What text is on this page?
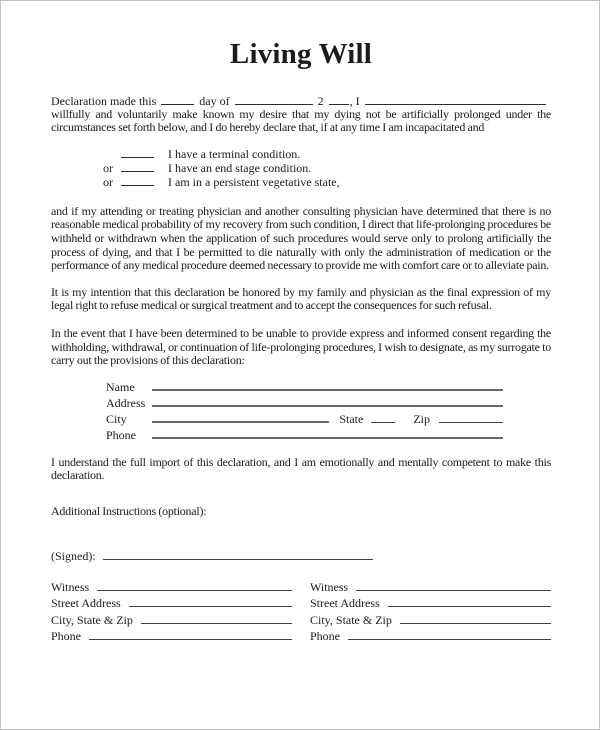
Living Will
Declaration made this	day of	2 , I
willfully and voluntarily make known my desire that my dying not be artificially prolonged under the circumstances set forth below, and I do hereby declare that, if at any time I am incapacitated and
I have a terminal condition.
or	I have an end stage condition.
or	I am in a persistent vegetative state,
and if my attending or treating physician and another consulting physician have determined that there is no reasonable medical probability of my recovery from such condition, I direct that life-prolonging procedures be withheld or withdrawn when the application of such procedures would serve only to prolong artificially the process of dying, and that I be permitted to die naturally with only the administration of medication or the performance of any medical procedure deemed necessary to provide me with comfort care or to alleviate pain.
It is my intention that this declaration be honored by my family and physician as the final expression of my legal right to refuse medical or surgical treatment and to accept the consequences for such refusal.
In the event that I have been determined to be unable to provide express and informed consent regarding the withholding, withdrawal, or continuation of life-prolonging procedures, I wish to designate, as my surrogate to carry out the provisions of this declaration:
Name
Address
City	State	Zip
Phone
I understand the full import of this declaration, and I am emotionally and mentally competent to make this declaration.
Additional Instructions (optional):
(Signed):
Witness
Street Address
City, State & Zip
Phone
Witness
Street Address
City, State & Zip
Phone
